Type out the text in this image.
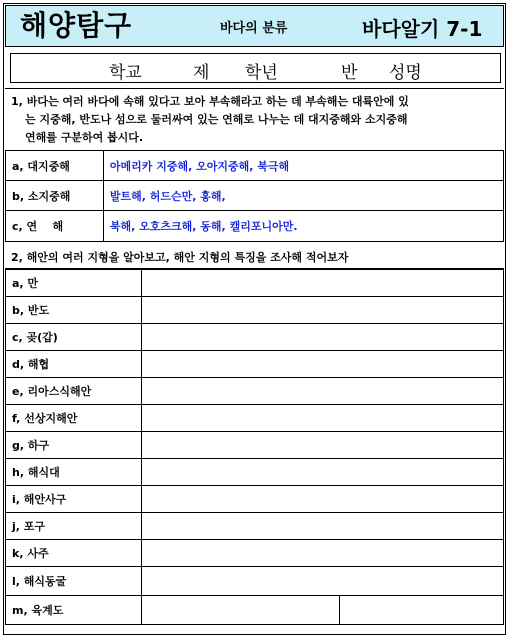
해양탐구	바다의 분류	바다알기 7-1
학교	제 학년	반 성명
1, 바다는 여러 바다에 속해 있다고 보아 부속해라고 하는 데 부속해는 대륙안에 있
는 지중해, 반도나 섬으로 둘러싸여 있는 연해로 나누는 데 대지중해와 소지중해
연해를 구분하여 봅시다.
a, 대지중해	아메리카 지중해, 오아지중해, 북극해
b, 소지중해	발트해, 허드슨만, 홍해,
c, 연    해	북해, 오호츠크해, 동해, 캘리포니아만.
2, 해안의 여러 지형을 알아보고, 해안 지형의 특징을 조사해 적어보자
a, 만		
b, 반도		
c, 곶(갑)		
d, 해협		
e, 리아스식해안		
f, 선상지해안		
g, 하구		
h, 해식대		
i, 해안사구		
j, 포구		
k, 사주		
l, 해식동굴		
m, 육계도		
